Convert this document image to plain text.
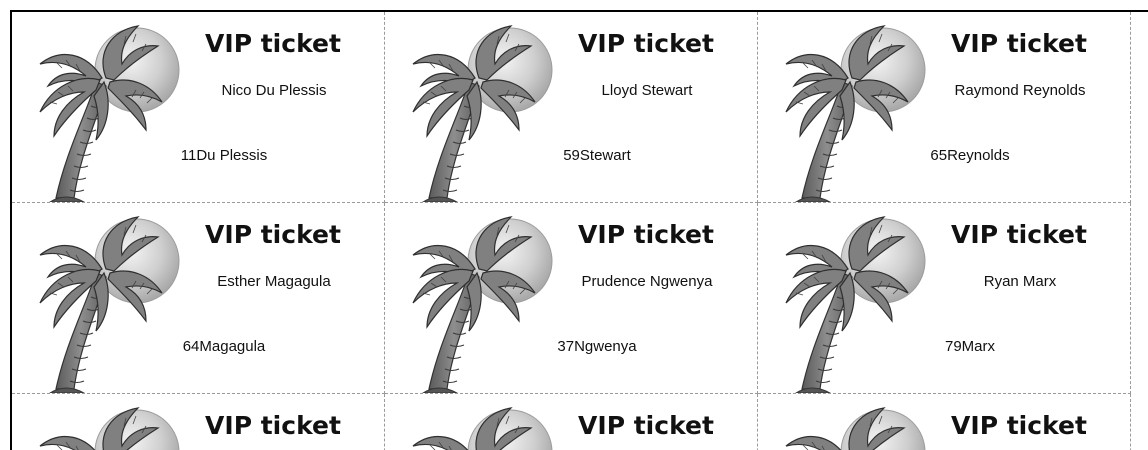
VIP ticket
Nico Du Plessis
11Du Plessis
VIP ticket
Lloyd Stewart
59Stewart
VIP ticket
Raymond Reynolds
65Reynolds
VIP ticket
Esther Magagula
64Magagula
VIP ticket
Prudence Ngwenya
37Ngwenya
VIP ticket
Ryan Marx
79Marx
VIP ticket	VIP ticket	VIP ticket
